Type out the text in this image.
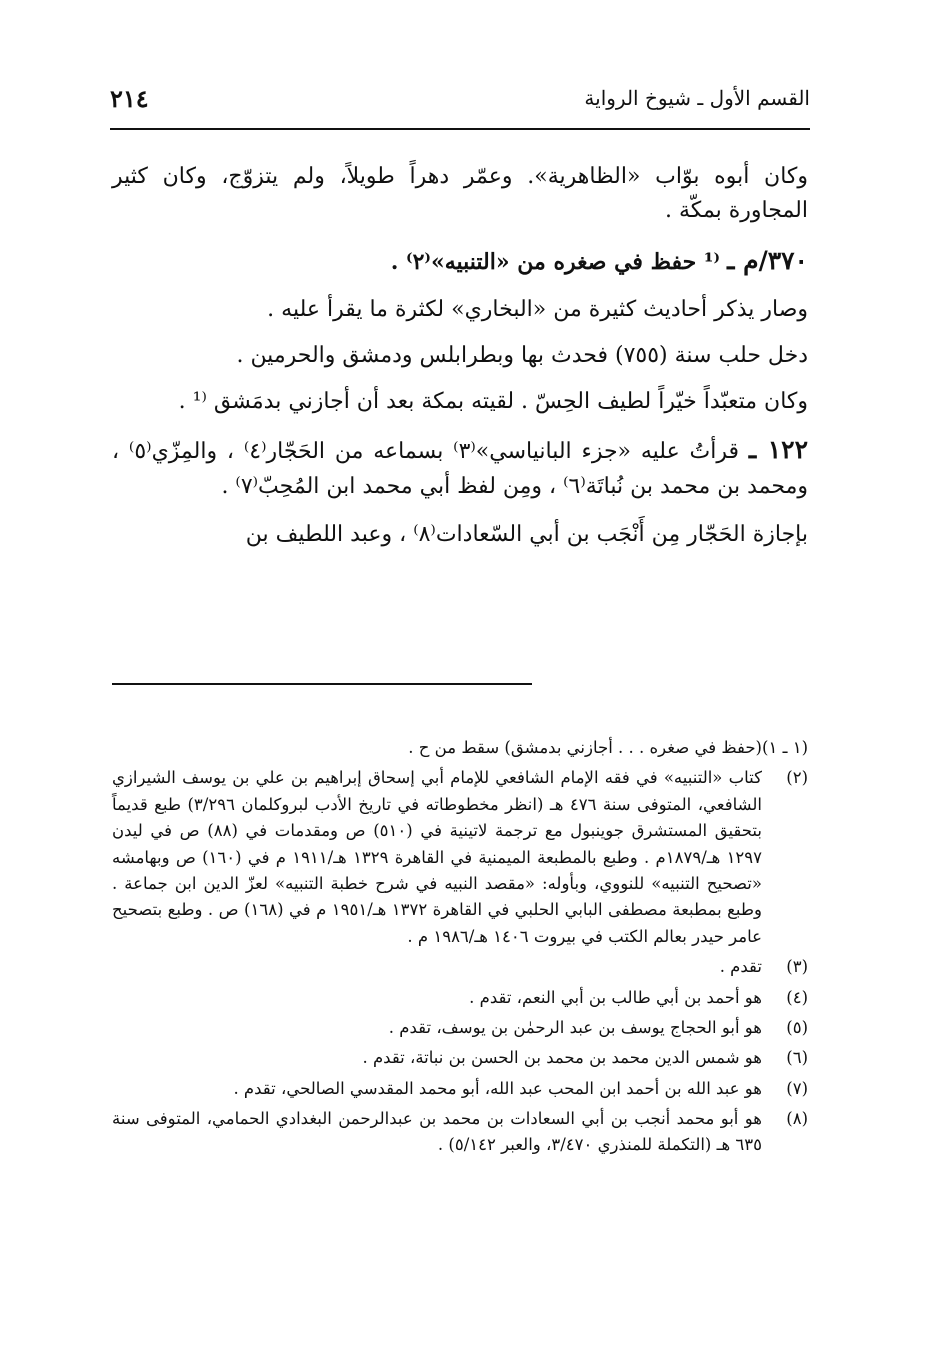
القسم الأول ـ شيوخ الرواية
٢١٤

وكان أبوه بوّاب «الظاهرية». وعمّر دهراً طويلاً، ولم يتزوّج، وكان كثير المجاورة بمكّة .

٣٧٠/م ـ ⁽¹ حفظ في صغره من «التنبيه»⁽٢⁾ .

وصار يذكر أحاديث كثيرة من «البخاري» لكثرة ما يقرأ عليه .

دخل حلب سنة (٧٥٥) فحدث بها وبطرابلس ودمشق والحرمين .

وكان متعبّداً خيّراً لطيف الحِسّ . لقيته بمكة بعد أن أجازني بدمَشق ⁽¹ .

١٢٢ ـ قرأتُ عليه «جزء البانياسي»⁽٣⁾ بسماعه من الحَجّار⁽٤⁾ ، والمِزّي⁽٥⁾ ، ومحمد بن محمد بن نُباتَة⁽٦⁾ ، ومِن لفظ أبي محمد ابن المُحِبّ⁽٧⁾ .

بإجازة الحَجّار مِن أَنْجَب بن أبي السّعادات⁽٨⁾ ، وعبد اللطيف بن

(١ ـ ١)
(حفظ في صغره . . . أجازني بدمشق) سقط من ح .
(٢)
كتاب «التنبيه» في فقه الإمام الشافعي للإمام أبي إسحاق إبراهيم بن علي بن يوسف الشيرازي الشافعي، المتوفى سنة ٤٧٦ هـ (انظر مخطوطاته في تاريخ الأدب لبروكلمان ٣/٢٩٦) طبع قديماً بتحقيق المستشرق جوينبول مع ترجمة لاتينية في (٥١٠) ص ومقدمات في (٨٨) ص في ليدن ١٢٩٧ هـ/١٨٧٩م . وطبع بالمطبعة الميمنية في القاهرة ١٣٢٩ هـ/١٩١١ م في (١٦٠) ص وبهامشه «تصحيح التنبيه» للنووي، وبأوله: «مقصد النبيه في شرح خطبة التنبيه» لعزّ الدين ابن جماعة . وطبع بمطبعة مصطفى البابي الحلبي في القاهرة ١٣٧٢ هـ/١٩٥١ م في (١٦٨) ص . وطبع بتصحيح عامر حيدر بعالم الكتب في بيروت ١٤٠٦ هـ/١٩٨٦ م .
(٣)
تقدم .
(٤)
هو أحمد بن أبي طالب بن أبي النعم، تقدم .
(٥)
هو أبو الحجاج يوسف بن عبد الرحمٰن بن يوسف، تقدم .
(٦)
هو شمس الدين محمد بن محمد بن الحسن بن نباتة، تقدم .
(٧)
هو عبد الله بن أحمد ابن المحب عبد الله، أبو محمد المقدسي الصالحي، تقدم .
(٨)
هو أبو محمد أنجب بن أبي السعادات بن محمد بن عبدالرحمن البغدادي الحمامي، المتوفى سنة ٦٣٥ هـ (التكملة للمنذري ٣/٤٧٠، والعبر ٥/١٤٢) .
